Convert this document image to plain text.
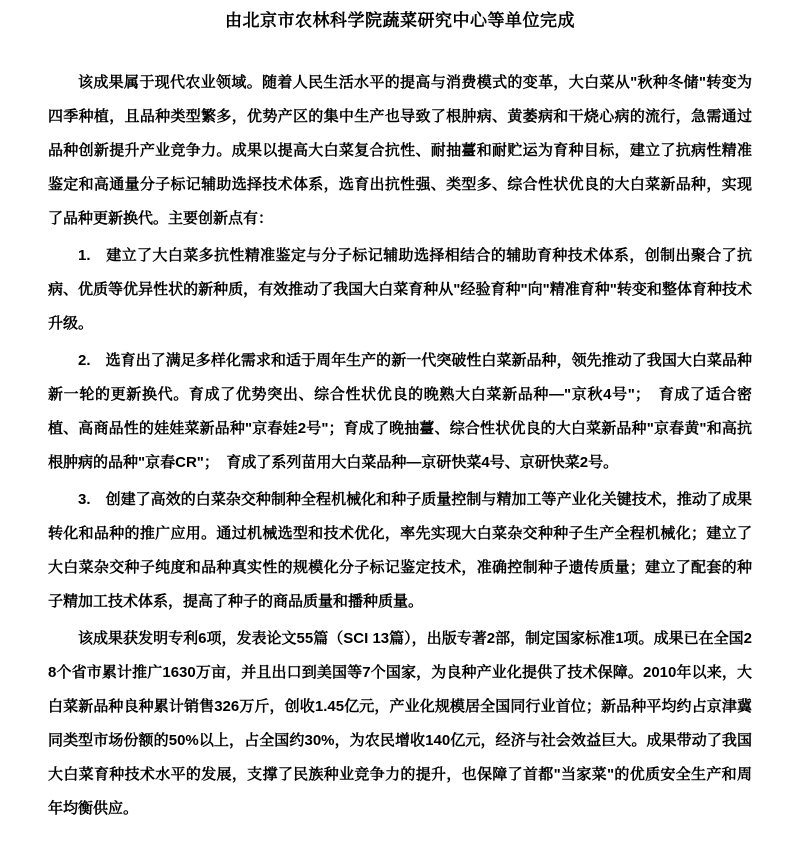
由北京市农林科学院蔬菜研究中心等单位完成

该成果属于现代农业领域。随着人民生活水平的提高与消费模式的变革，大白菜从"秋种冬储"转变为四季种植，且品种类型繁多，优势产区的集中生产也导致了根肿病、黄萎病和干烧心病的流行，急需通过品种创新提升产业竞争力。成果以提高大白菜复合抗性、耐抽薹和耐贮运为育种目标，建立了抗病性精准鉴定和高通量分子标记辅助选择技术体系，选育出抗性强、类型多、综合性状优良的大白菜新品种，实现了品种更新换代。主要创新点有：

1.　建立了大白菜多抗性精准鉴定与分子标记辅助选择相结合的辅助育种技术体系，创制出聚合了抗病、优质等优异性状的新种质，有效推动了我国大白菜育种从"经验育种"向"精准育种"转变和整体育种技术升级。

2.　选育出了满足多样化需求和适于周年生产的新一代突破性白菜新品种，领先推动了我国大白菜品种新一轮的更新换代。育成了优势突出、综合性状优良的晚熟大白菜新品种—"京秋4号"；　育成了适合密植、高商品性的娃娃菜新品种"京春娃2号"；育成了晚抽薹、综合性状优良的大白菜新品种"京春黄"和高抗根肿病的品种"京春CR"；　育成了系列苗用大白菜品种—京研快菜4号、京研快菜2号。

3.　创建了高效的白菜杂交种制种全程机械化和种子质量控制与精加工等产业化关键技术，推动了成果转化和品种的推广应用。通过机械选型和技术优化，率先实现大白菜杂交种种子生产全程机械化；建立了大白菜杂交种子纯度和品种真实性的规模化分子标记鉴定技术，准确控制种子遗传质量；建立了配套的种子精加工技术体系，提高了种子的商品质量和播种质量。

该成果获发明专利6项，发表论文55篇（SCI 13篇），出版专著2部，制定国家标准1项。成果已在全国28个省市累计推广1630万亩，并且出口到美国等7个国家，为良种产业化提供了技术保障。2010年以来，大白菜新品种良种累计销售326万斤，创收1.45亿元，产业化规模居全国同行业首位；新品种平均约占京津冀同类型市场份额的50%以上，占全国约30%，为农民增收140亿元，经济与社会效益巨大。成果带动了我国大白菜育种技术水平的发展，支撑了民族种业竞争力的提升，也保障了首都"当家菜"的优质安全生产和周年均衡供应。
